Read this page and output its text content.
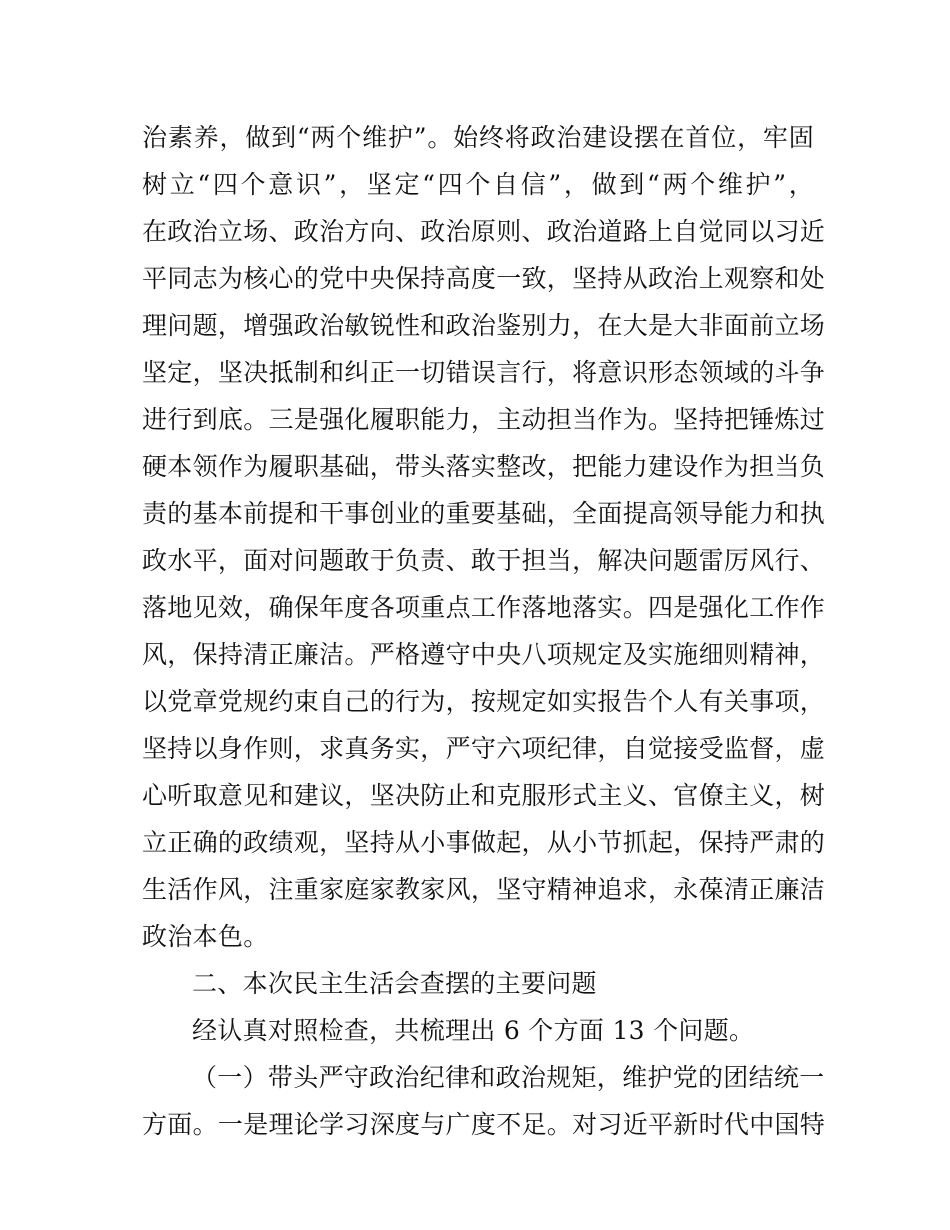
治素养，做到“两个维护”。始终将政治建设摆在首位，牢固
树立“四个意识”，坚定“四个自信”，做到“两个维护”，
在政治立场、政治方向、政治原则、政治道路上自觉同以习近
平同志为核心的党中央保持高度一致，坚持从政治上观察和处
理问题，增强政治敏锐性和政治鉴别力，在大是大非面前立场
坚定，坚决抵制和纠正一切错误言行，将意识形态领域的斗争
进行到底。三是强化履职能力，主动担当作为。坚持把锤炼过
硬本领作为履职基础，带头落实整改，把能力建设作为担当负
责的基本前提和干事创业的重要基础，全面提高领导能力和执
政水平，面对问题敢于负责、敢于担当，解决问题雷厉风行、
落地见效，确保年度各项重点工作落地落实。四是强化工作作
风，保持清正廉洁。严格遵守中央八项规定及实施细则精神，
以党章党规约束自己的行为，按规定如实报告个人有关事项，
坚持以身作则，求真务实，严守六项纪律，自觉接受监督，虚
心听取意见和建议，坚决防止和克服形式主义、官僚主义，树
立正确的政绩观，坚持从小事做起，从小节抓起，保持严肃的
生活作风，注重家庭家教家风，坚守精神追求，永葆清正廉洁
政治本色。
二、本次民主生活会查摆的主要问题
经认真对照检查，共梳理出 6 个方面 13 个问题。
（一）带头严守政治纪律和政治规矩，维护党的团结统一
方面。一是理论学习深度与广度不足。对习近平新时代中国特
